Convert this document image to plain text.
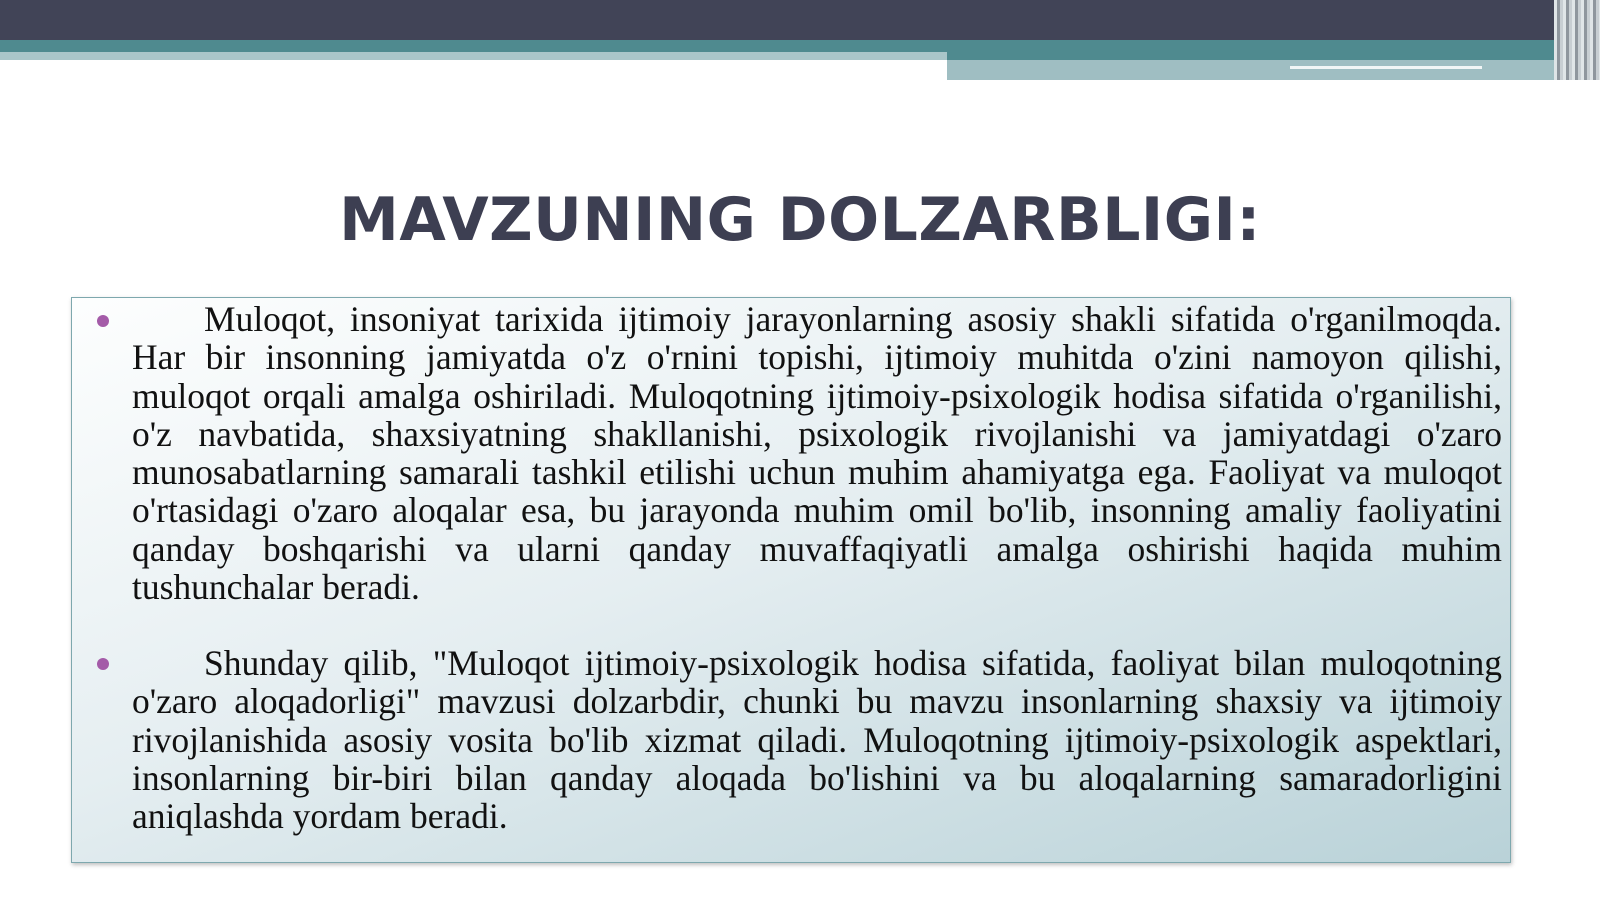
MAVZUNING DOLZARBLIGI:

Muloqot, insoniyat tarixida ijtimoiy jarayonlarning asosiy shakli sifatida o'rganilmoqda. Har bir insonning jamiyatda o'z o'rnini topishi, ijtimoiy muhitda o'zini namoyon qilishi, muloqot orqali amalga oshiriladi. Muloqotning ijtimoiy-psixologik hodisa sifatida o'rganilishi, o'z navbatida, shaxsiyatning shakllanishi, psixologik rivojlanishi va jamiyatdagi o'zaro munosabatlarning samarali tashkil etilishi uchun muhim ahamiyatga ega. Faoliyat va muloqot o'rtasidagi o'zaro aloqalar esa, bu jarayonda muhim omil bo'lib, insonning amaliy faoliyatini qanday boshqarishi va ularni qanday muvaffaqiyatli amalga oshirishi haqida muhim tushunchalar beradi.

Shunday qilib, "Muloqot ijtimoiy-psixologik hodisa sifatida, faoliyat bilan muloqotning o'zaro aloqadorligi" mavzusi dolzarbdir, chunki bu mavzu insonlarning shaxsiy va ijtimoiy rivojlanishida asosiy vosita bo'lib xizmat qiladi. Muloqotning ijtimoiy-psixologik aspektlari, insonlarning bir-biri bilan qanday aloqada bo'lishini va bu aloqalarning samaradorligini aniqlashda yordam beradi.
